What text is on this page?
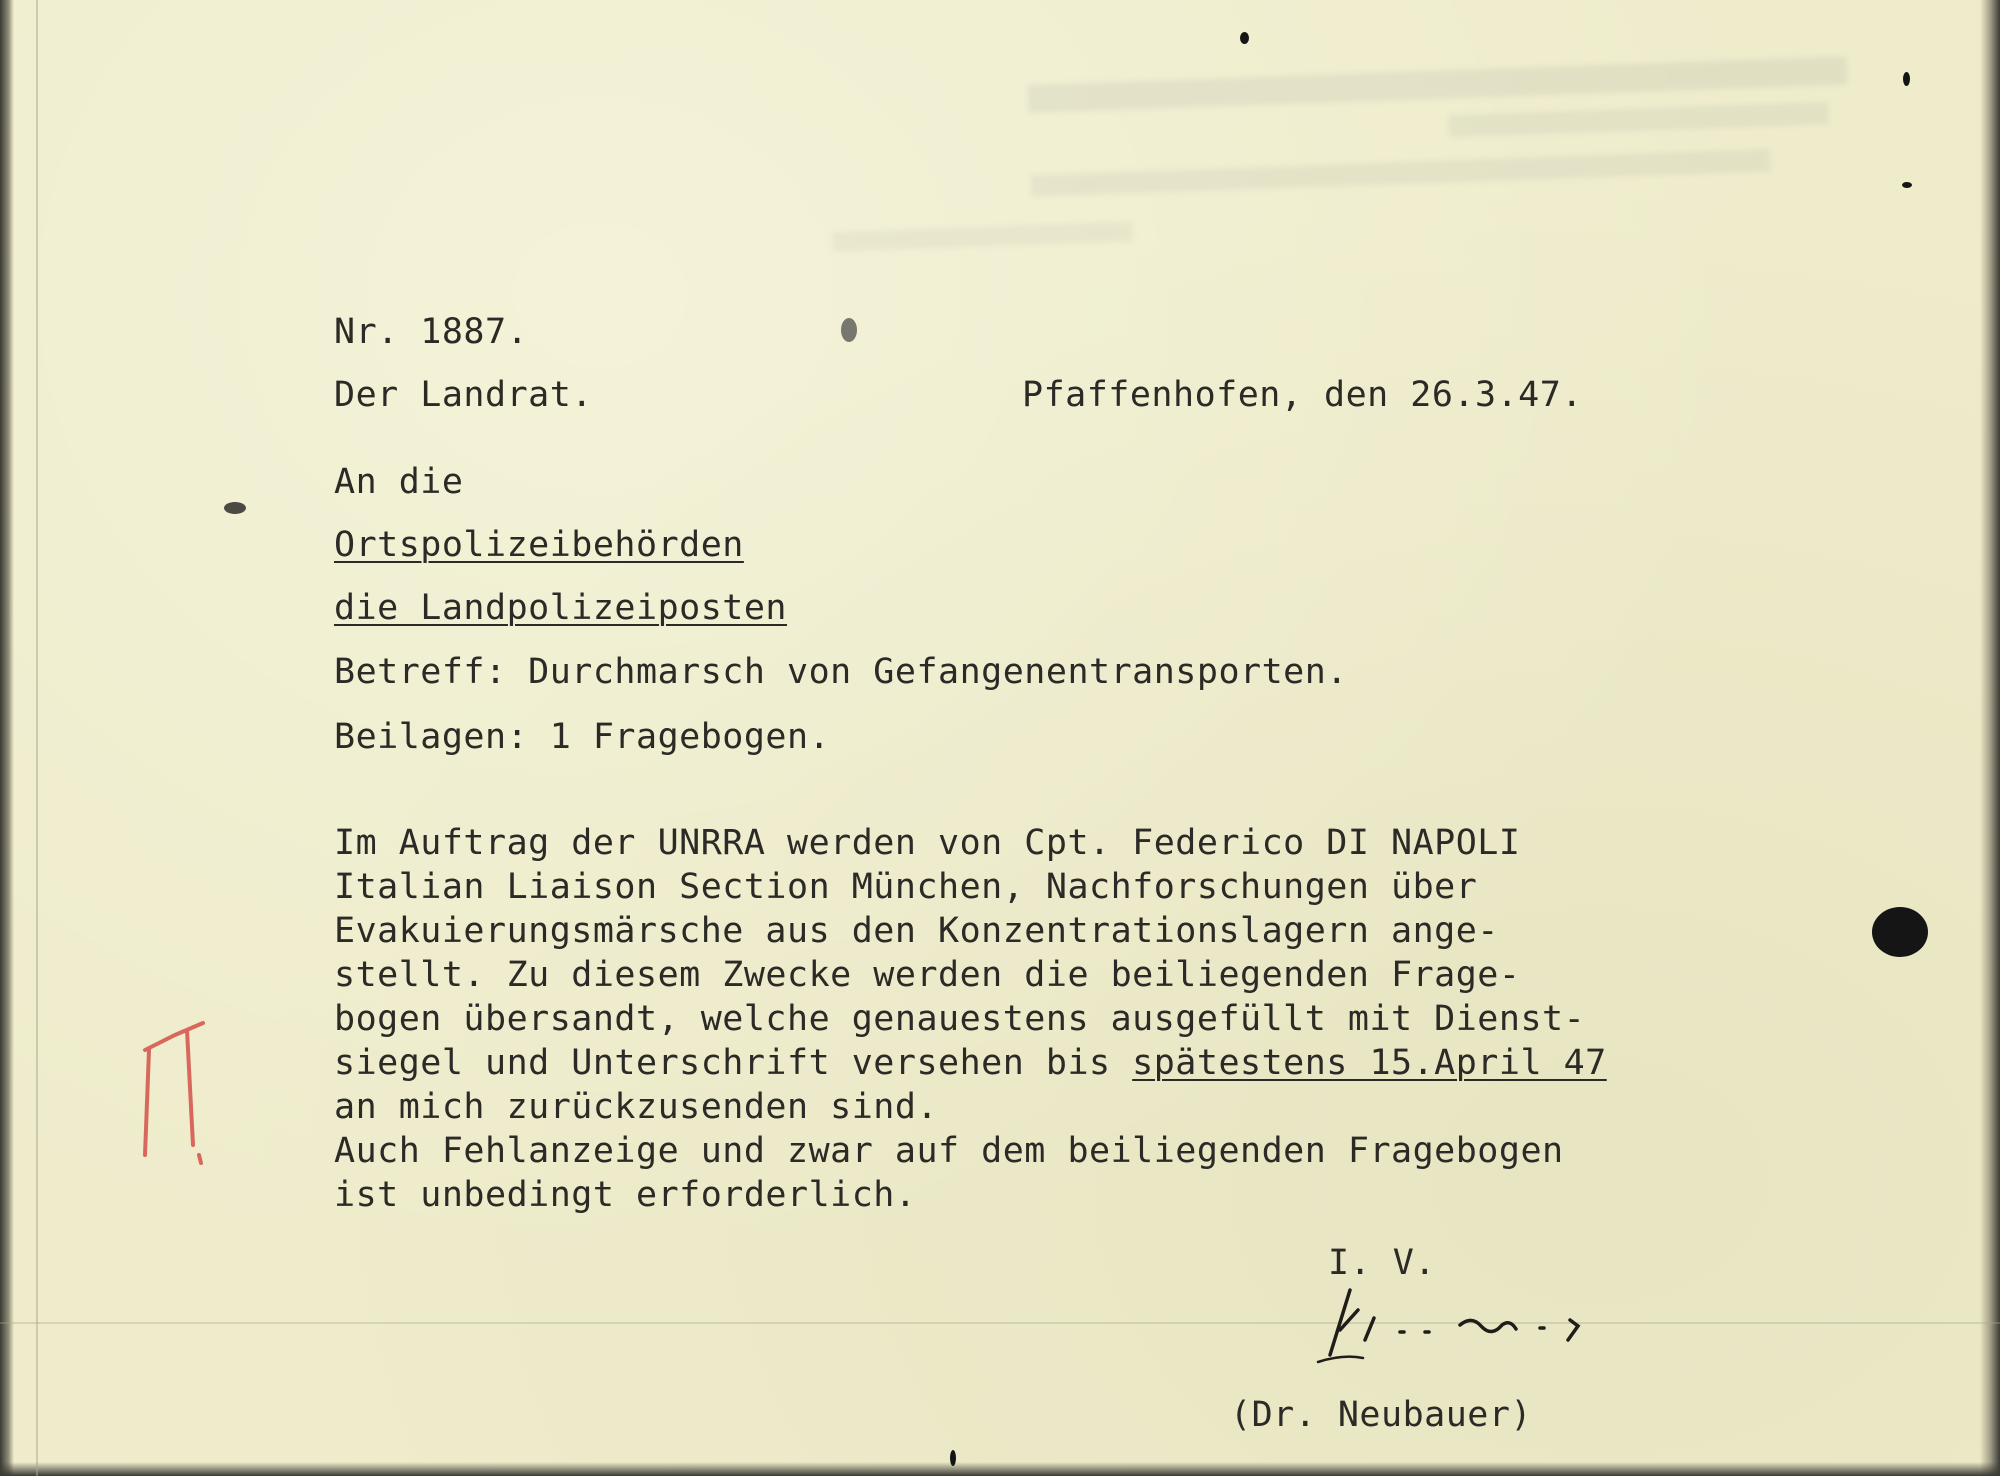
Nr. 1887.
Der Landrat.	Pfaffenhofen, den 26.3.47.
An die
Ortspolizeibehörden
die Landpolizeiposten
Betreff: Durchmarsch von Gefangenentransporten.
Beilagen: 1 Fragebogen.
Im Auftrag der UNRRA werden von Cpt. Federico DI NAPOLI
Italian Liaison Section München, Nachforschungen über
Evakuierungsmärsche aus den Konzentrationslagern ange-
stellt. Zu diesem Zwecke werden die beiliegenden Frage-
bogen übersandt, welche genauestens ausgefüllt mit Dienst-
siegel und Unterschrift versehen bis spätestens 15.April 47
an mich zurückzusenden sind.
Auch Fehlanzeige und zwar auf dem beiliegenden Fragebogen
ist unbedingt erforderlich.
I. V.
(Dr. Neubauer)
